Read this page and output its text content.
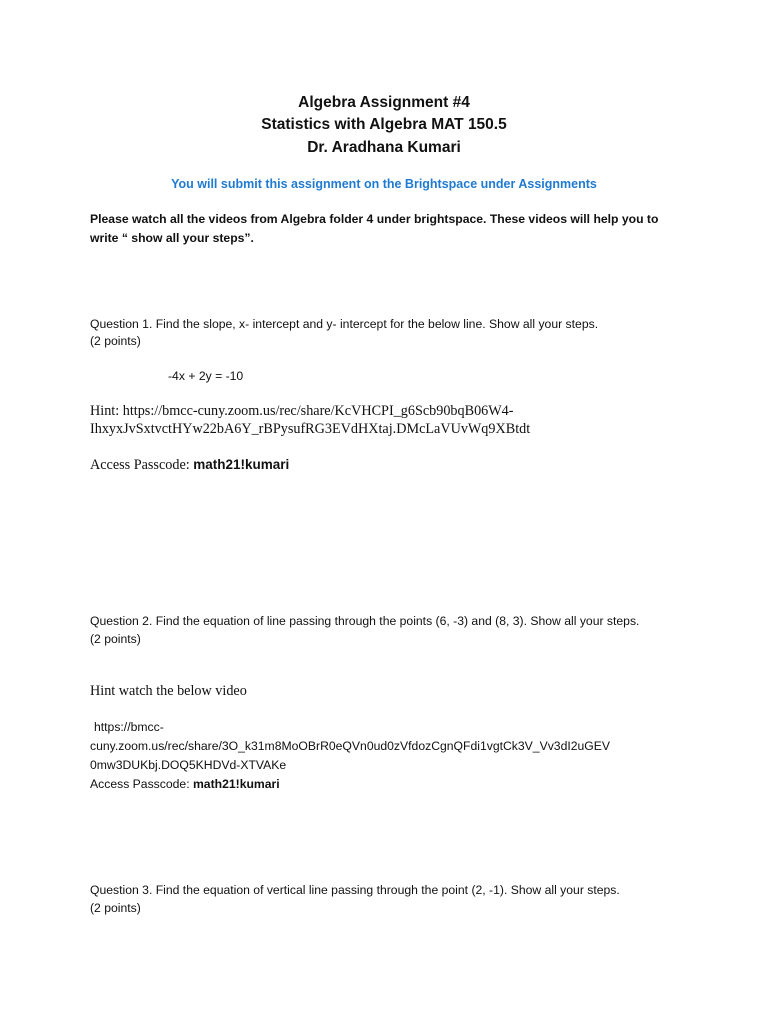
Algebra Assignment #4
Statistics with Algebra MAT 150.5
Dr. Aradhana Kumari
You will submit this assignment on the Brightspace under Assignments
Please watch all the videos from Algebra folder 4 under brightspace. These videos will help you to
write “ show all your steps”.
Question 1. Find the slope, x- intercept and y- intercept for the below line. Show all your steps.
(2 points)
-4x + 2y = -10
Hint: https://bmcc-cuny.zoom.us/rec/share/KcVHCPI_g6Scb90bqB06W4-
IhxyxJvSxtvctHYw22bA6Y_rBPysufRG3EVdHXtaj.DMcLaVUvWq9XBtdt
Access Passcode: math21!kumari
Question 2. Find the equation of line passing through the points (6, -3) and (8, 3). Show all your steps.
(2 points)
Hint watch the below video
https://bmcc-
cuny.zoom.us/rec/share/3O_k31m8MoOBrR0eQVn0ud0zVfdozCgnQFdi1vgtCk3V_Vv3dI2uGEV
0mw3DUKbj.DOQ5KHDVd-XTVAKe
Access Passcode: math21!kumari
Question 3. Find the equation of vertical line passing through the point (2, -1). Show all your steps.
(2 points)
